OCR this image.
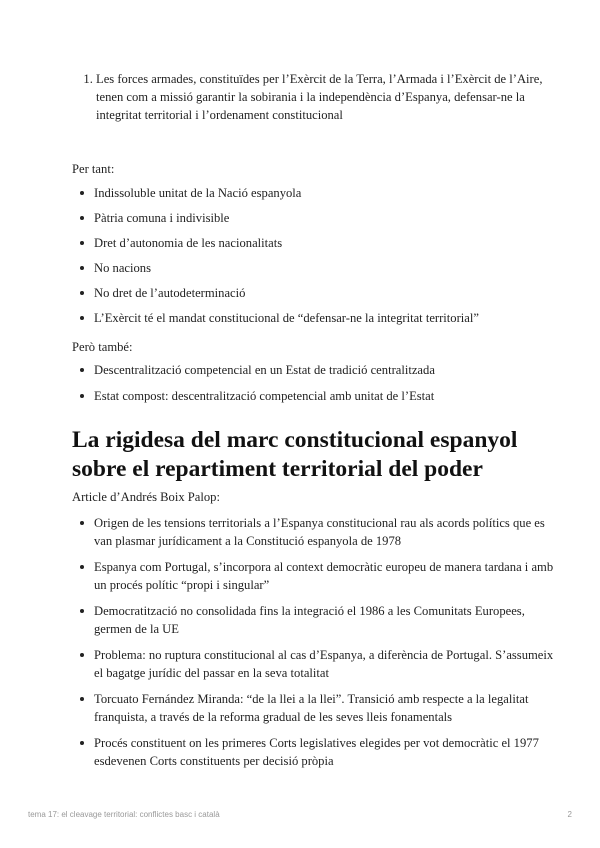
1. Les forces armades, constituïdes per l’Exèrcit de la Terra, l’Armada i l’Exèrcit de l’Aire, tenen com a missió garantir la sobirania i la independència d’Espanya, defensar-ne la integritat territorial i l’ordenament constitucional

Per tant:

Indissoluble unitat de la Nació espanyola
Pàtria comuna i indivisible
Dret d’autonomia de les nacionalitats
No nacions
No dret de l’autodeterminació
L’Exèrcit té el mandat constitucional de “defensar-ne la integritat territorial”

Però també:

Descentralització competencial en un Estat de tradició centralitzada
Estat compost: descentralització competencial amb unitat de l’Estat
La rigidesa del marc constitucional espanyol sobre el repartiment territorial del poder

Article d’Andrés Boix Palop:

Origen de les tensions territorials a l’Espanya constitucional rau als acords polítics que es van plasmar jurídicament a la Constitució espanyola de 1978
Espanya com Portugal, s’incorpora al context democràtic europeu de manera tardana i amb un procés polític “propi i singular”
Democratització no consolidada fins la integració el 1986 a les Comunitats Europees, germen de la UE
Problema: no ruptura constitucional al cas d’Espanya, a diferència de Portugal. S’assumeix el bagatge jurídic del passar en la seva totalitat
Torcuato Fernández Miranda: “de la llei a la llei”. Transició amb respecte a la legalitat franquista, a través de la reforma gradual de les seves lleis fonamentals
Procés constituent on les primeres Corts legislatives elegides per vot democràtic el 1977 esdevenen Corts constituents per decisió pròpia
tema 17: el cleavage territorial: conflictes basc i català	2
